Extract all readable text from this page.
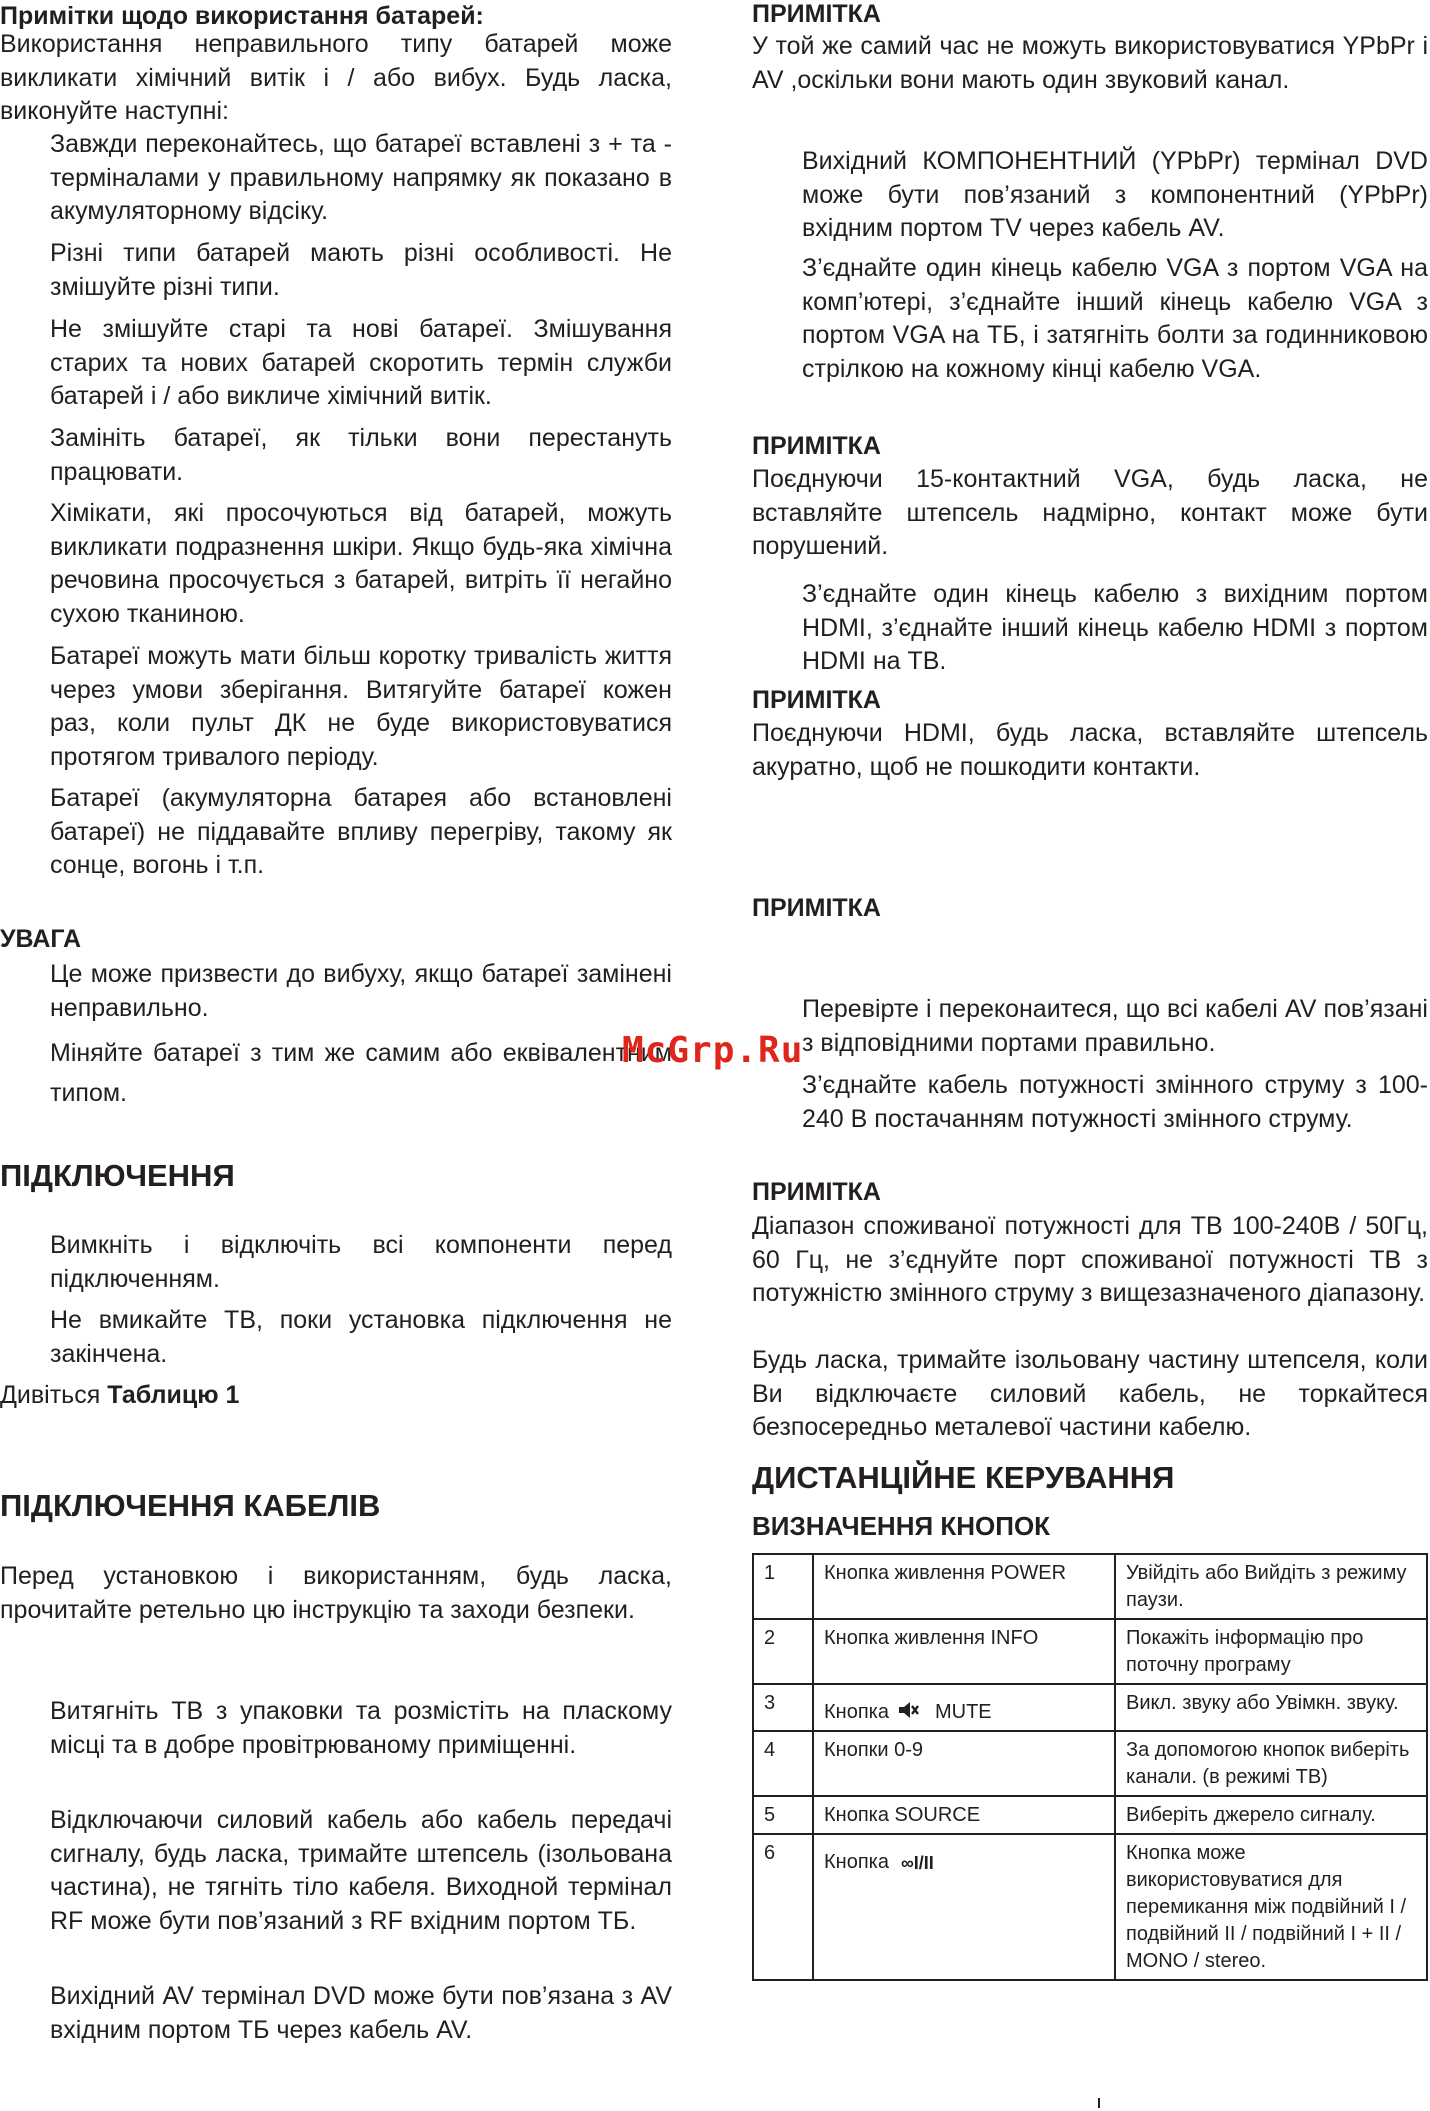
Примітки щодо використання батарей:

Використання неправильного типу батарей може викликати хімічний витік і / або вибух. Будь ласка, виконуйте наступні:

Завжди переконайтесь, що батареї вставлені з + та - терміналами у правильному напрямку як показано в акумуляторному відсіку.

Різні типи батарей мають різні особливості. Не змішуйте різні типи.

Не змішуйте старі та нові батареї. Змішування старих та нових батарей скоротить термін служби батарей і / або викличе хімічний витік.

Замініть батареї, як тільки вони перестануть працювати.

Хімікати, які просочуються від батарей, можуть викликати подразнення шкіри. Якщо будь-яка хімічна речовина просочується з батарей, витріть її негайно сухою тканиною.

Батареї можуть мати більш коротку тривалість життя через умови зберігання. Витягуйте батареї кожен раз, коли пульт ДК не буде використовуватися протягом тривалого періоду.

Батареї (акумуляторна батарея або встановлені батареї) не піддавайте впливу перегріву, такому як сонце, вогонь і т.п.

УВАГА

Це може призвести до вибуху, якщо батареї замінені неправильно.

Міняйте батареї з тим же самим або еквівалентним типом.

ПІДКЛЮЧЕННЯ

Вимкніть і відключіть всі компоненти перед підключенням.

Не вмикайте ТВ, поки установка підключення не закінчена.

Дивіться Таблицю 1

ПІДКЛЮЧЕННЯ КАБЕЛІВ

Перед установкою і використанням, будь ласка, прочитайте ретельно цю інструкцію та заходи безпеки.

Витягніть ТВ з упаковки та розмістіть на пласкому місці та в добре провітрюваному приміщенні.

Відключаючи силовий кабель або кабель передачі сигналу, будь ласка, тримайте штепсель (ізольована частина), не тягніть тіло кабеля. Виходной термінал RF може бути пов’язаний з RF вхідним портом ТБ.

Вихідний AV термінал DVD може бути пов’язана з AV вхідним портом ТБ через кабель AV.

ПРИМІТКА

У той же самий час не можуть використовуватися YPbPr і AV ,оскільки вони мають один звуковий канал.

Вихідний КОМПОНЕНТНИЙ (YPbPr) термінал DVD може бути пов’язаний з компонентний (YPbPr) вхідним портом TV через кабель AV.

З’єднайте один кінець кабелю VGA з портом VGA на комп’ютері, з’єднайте інший кінець кабелю VGA з портом VGA на ТБ, і затягніть болти за годинниковою стрілкою на кожному кінці кабелю VGA.

ПРИМІТКА

Поєднуючи 15-контактний VGA, будь ласка, не вставляйте штепсель надмірно, контакт може бути порушений.

З’єднайте один кінець кабелю з вихідним портом HDMI, з’єднайте інший кінець кабелю HDMI з портом HDMI на ТВ.

ПРИМІТКА

Поєднуючи HDMI, будь ласка, вставляйте штепсель акуратно, щоб не пошкодити контакти.

ПРИМІТКА

Перевірте і переконаитеся, що всі кабелі AV пов’язані з відповідними портами правильно.

З’єднайте кабель потужності змінного струму з 100-240 В постачанням потужності змінного струму.

ПРИМІТКА

Діапазон споживаної потужності для ТВ 100-240В / 50Гц, 60 Гц, не з’єднуйте порт споживаної потужності ТВ з потужністю змінного струму з вищезазначеного діапазону.

Будь ласка, тримайте ізольовану частину штепселя, коли Ви відключаєте силовий кабель, не торкайтеся безпосередньо металевої частини кабелю.

ДИСТАНЦІЙНЕ КЕРУВАННЯ
ВИЗНАЧЕННЯ КНОПОК
1	Кнопка живлення POWER	Увійдіть або Вийдіть з режиму паузи.
2	Кнопка живлення INFO	Покажіть інформацію про поточну програму
3	Кнопка MUTE	Викл. звуку або Увімкн. звуку.
4	Кнопки 0-9	За допомогою кнопок виберіть канали. (в режимі ТВ)
5	Кнопка SOURCE	Виберіть джерело сигналу.
6	Кнопка ∞I/II	Кнопка може використовуватися для перемикання між подвійний I / подвійний II / подвійний I + II / MONO / stereo.
McGrp.Ru
